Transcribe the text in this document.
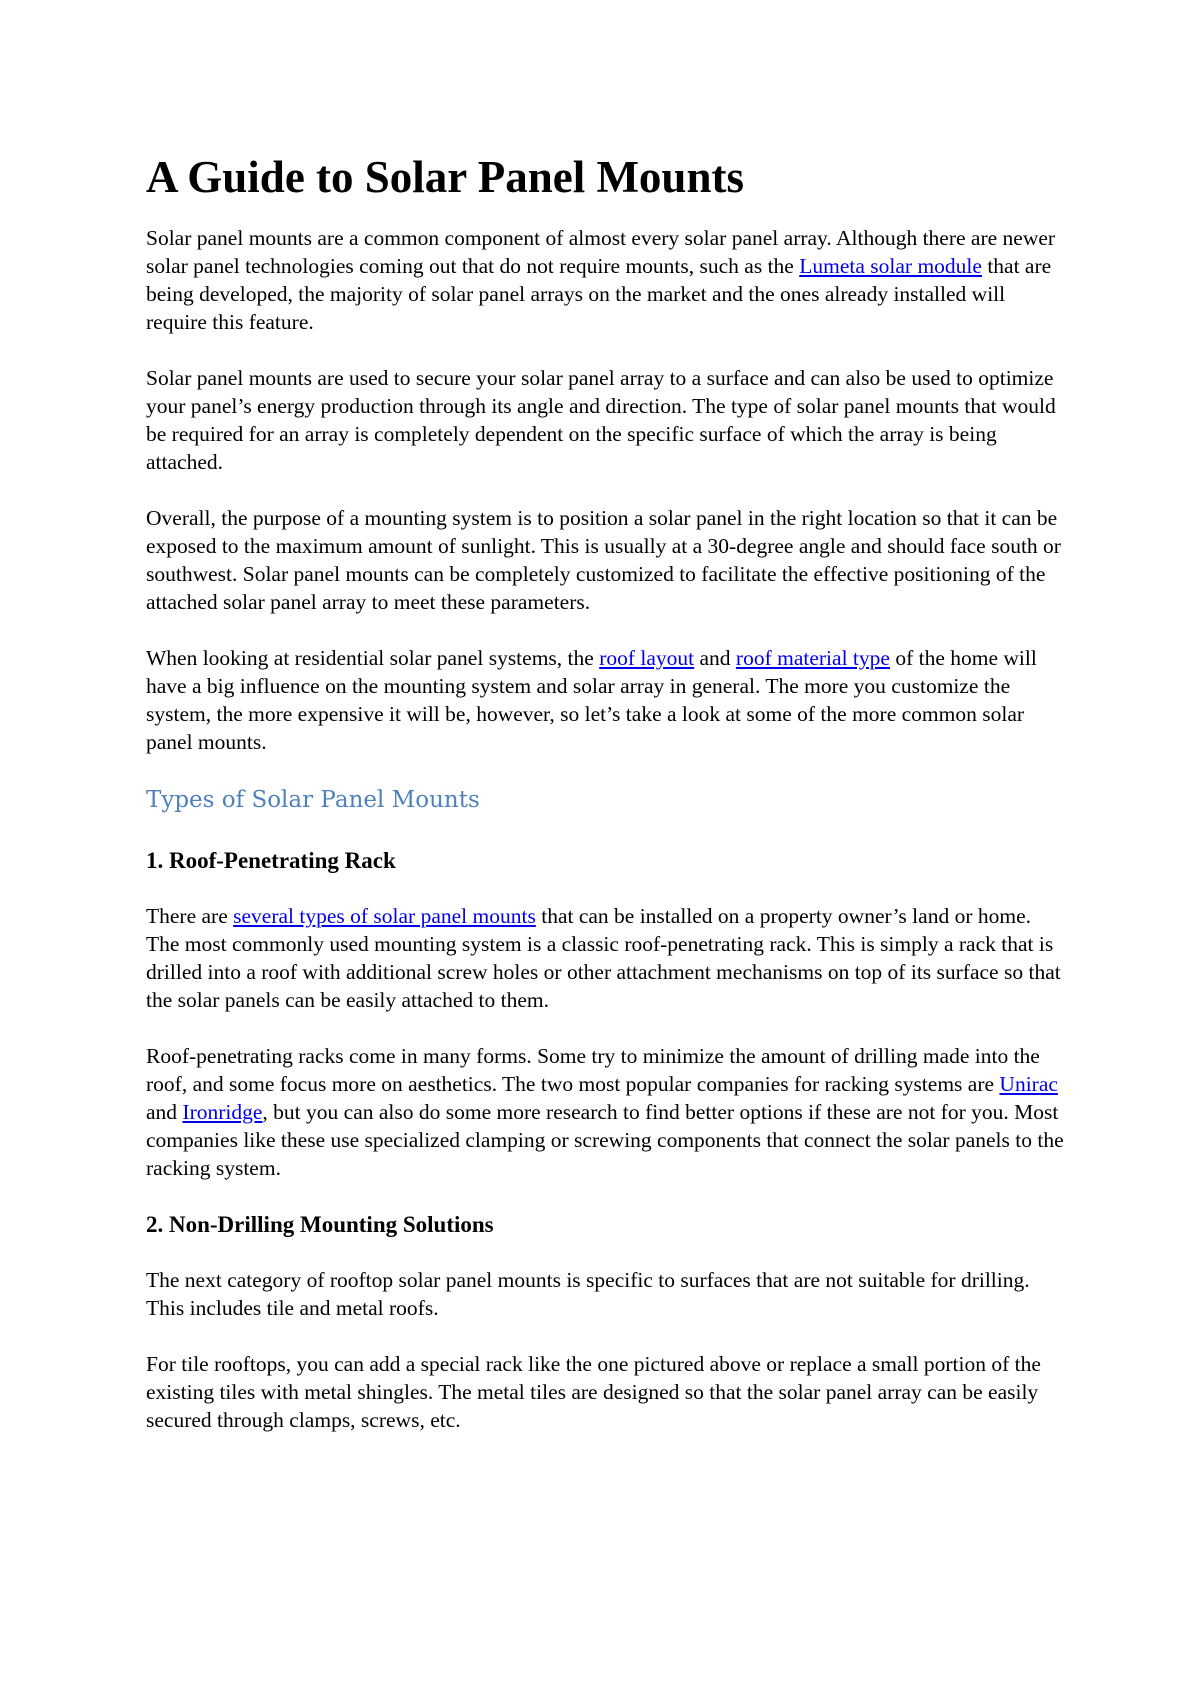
A Guide to Solar Panel Mounts

Solar panel mounts are a common component of almost every solar panel array. Although there are newer solar panel technologies coming out that do not require mounts, such as the Lumeta solar module that are being developed, the majority of solar panel arrays on the market and the ones already installed will require this feature.

Solar panel mounts are used to secure your solar panel array to a surface and can also be used to optimize your panel’s energy production through its angle and direction. The type of solar panel mounts that would be required for an array is completely dependent on the specific surface of which the array is being attached.

Overall, the purpose of a mounting system is to position a solar panel in the right location so that it can be exposed to the maximum amount of sunlight. This is usually at a 30-degree angle and should face south or southwest. Solar panel mounts can be completely customized to facilitate the effective positioning of the attached solar panel array to meet these parameters.

When looking at residential solar panel systems, the roof layout and roof material type of the home will have a big influence on the mounting system and solar array in general. The more you customize the system, the more expensive it will be, however, so let’s take a look at some of the more common solar panel mounts.

Types of Solar Panel Mounts
1. Roof-Penetrating Rack

There are several types of solar panel mounts that can be installed on a property owner’s land or home. The most commonly used mounting system is a classic roof-penetrating rack. This is simply a rack that is drilled into a roof with additional screw holes or other attachment mechanisms on top of its surface so that the solar panels can be easily attached to them.

Roof-penetrating racks come in many forms. Some try to minimize the amount of drilling made into the roof, and some focus more on aesthetics. The two most popular companies for racking systems are Unirac and Ironridge, but you can also do some more research to find better options if these are not for you. Most companies like these use specialized clamping or screwing components that connect the solar panels to the racking system.

2. Non-Drilling Mounting Solutions

The next category of rooftop solar panel mounts is specific to surfaces that are not suitable for drilling. This includes tile and metal roofs.

For tile rooftops, you can add a special rack like the one pictured above or replace a small portion of the existing tiles with metal shingles. The metal tiles are designed so that the solar panel array can be easily secured through clamps, screws, etc.
